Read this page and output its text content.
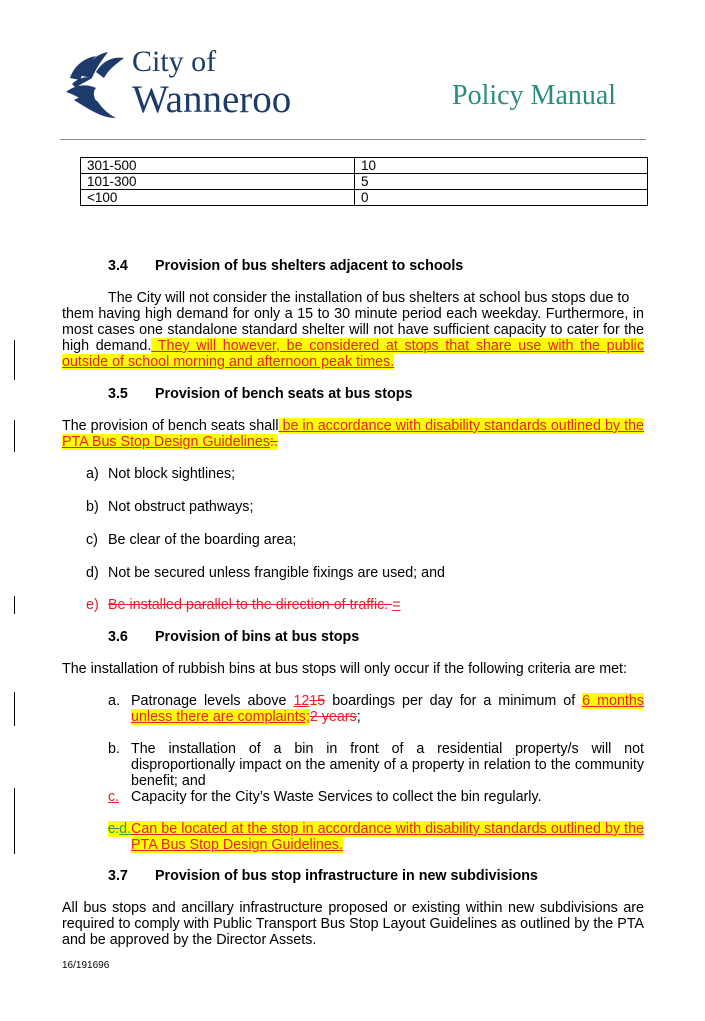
City of
Wanneroo	Policy Manual
301-500	10
101-300	5
<100	0
3.4 Provision of bus shelters adjacent to schools
The City will not consider the installation of bus shelters at school bus stops due to
them having high demand for only a 15 to 30 minute period each weekday. Furthermore, in most cases one standalone standard shelter will not have sufficient capacity to cater for the high demand. They will however, be considered at stops that share use with the public outside of school morning and afternoon peak times.
3.5 Provision of bench seats at bus stops
The provision of bench seats shall be in accordance with disability standards outlined by the PTA Bus Stop Design Guidelines:.
a) Not block sightlines;
b) Not obstruct pathways;
c) Be clear of the boarding area;
d) Not be secured unless frangible fixings are used; and
e) Be installed parallel to the direction of traffic. =
3.6 Provision of bins at bus stops
The installation of rubbish bins at bus stops will only occur if the following criteria are met:
a. Patronage levels above 1215 boardings per day for a minimum of 6 months unless there are complaints;2 years;
b. The installation of a bin in front of a residential property/s will not disproportionally impact on the amenity of a property in relation to the community benefit; and
c. Capacity for the City’s Waste Services to collect the bin regularly.
c.d. Can be located at the stop in accordance with disability standards outlined by the PTA Bus Stop Design Guidelines.
3.7 Provision of bus stop infrastructure in new subdivisions
All bus stops and ancillary infrastructure proposed or existing within new subdivisions are required to comply with Public Transport Bus Stop Layout Guidelines as outlined by the PTA and be approved by the Director Assets.
16/191696
